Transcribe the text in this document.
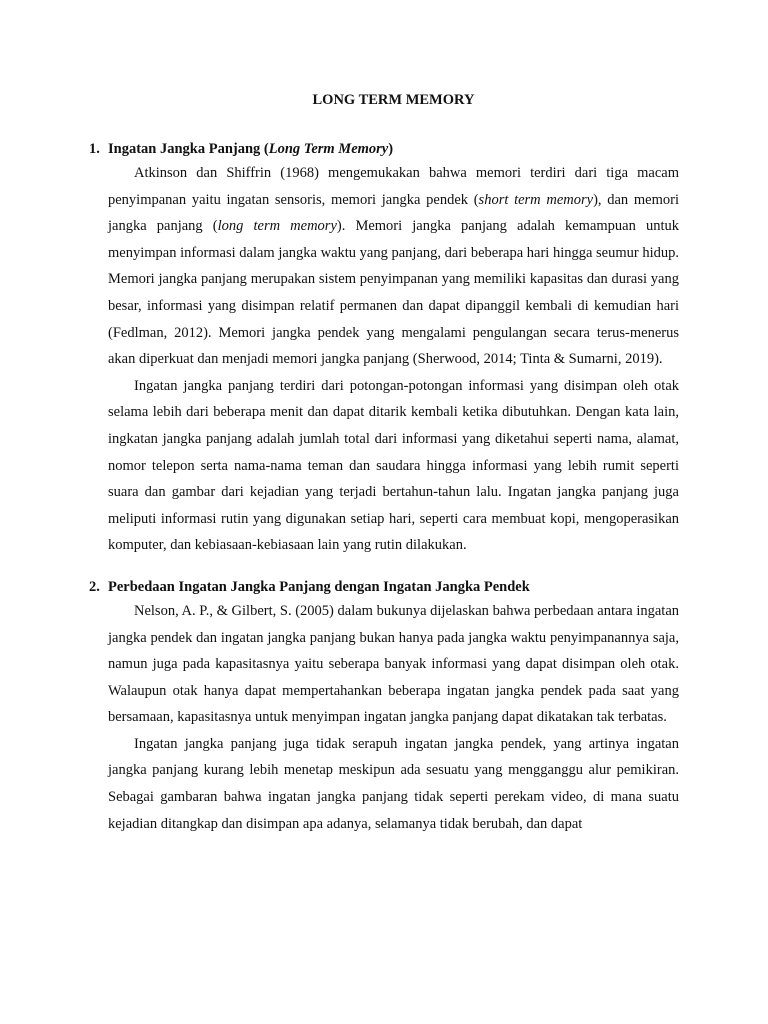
LONG TERM MEMORY
1. Ingatan Jangka Panjang (Long Term Memory)

Atkinson dan Shiffrin (1968) mengemukakan bahwa memori terdiri dari tiga macam penyimpanan yaitu ingatan sensoris, memori jangka pendek (short term memory), dan memori jangka panjang (long term memory). Memori jangka panjang adalah kemampuan untuk menyimpan informasi dalam jangka waktu yang panjang, dari beberapa hari hingga seumur hidup. Memori jangka panjang merupakan sistem penyimpanan yang memiliki kapasitas dan durasi yang besar, informasi yang disimpan relatif permanen dan dapat dipanggil kembali di kemudian hari (Fedlman, 2012). Memori jangka pendek yang mengalami pengulangan secara terus-menerus akan diperkuat dan menjadi memori jangka panjang (Sherwood, 2014; Tinta & Sumarni, 2019).

Ingatan jangka panjang terdiri dari potongan-potongan informasi yang disimpan oleh otak selama lebih dari beberapa menit dan dapat ditarik kembali ketika dibutuhkan. Dengan kata lain, ingkatan jangka panjang adalah jumlah total dari informasi yang diketahui seperti nama, alamat, nomor telepon serta nama-nama teman dan saudara hingga informasi yang lebih rumit seperti suara dan gambar dari kejadian yang terjadi bertahun-tahun lalu. Ingatan jangka panjang juga meliputi informasi rutin yang digunakan setiap hari, seperti cara membuat kopi, mengoperasikan komputer, dan kebiasaan-kebiasaan lain yang rutin dilakukan.

2. Perbedaan Ingatan Jangka Panjang dengan Ingatan Jangka Pendek

Nelson, A. P., & Gilbert, S. (2005) dalam bukunya dijelaskan bahwa perbedaan antara ingatan jangka pendek dan ingatan jangka panjang bukan hanya pada jangka waktu penyimpanannya saja, namun juga pada kapasitasnya yaitu seberapa banyak informasi yang dapat disimpan oleh otak. Walaupun otak hanya dapat mempertahankan beberapa ingatan jangka pendek pada saat yang bersamaan, kapasitasnya untuk menyimpan ingatan jangka panjang dapat dikatakan tak terbatas.

Ingatan jangka panjang juga tidak serapuh ingatan jangka pendek, yang artinya ingatan jangka panjang kurang lebih menetap meskipun ada sesuatu yang mengganggu alur pemikiran. Sebagai gambaran bahwa ingatan jangka panjang tidak seperti perekam video, di mana suatu kejadian ditangkap dan disimpan apa adanya, selamanya tidak berubah, dan dapat
